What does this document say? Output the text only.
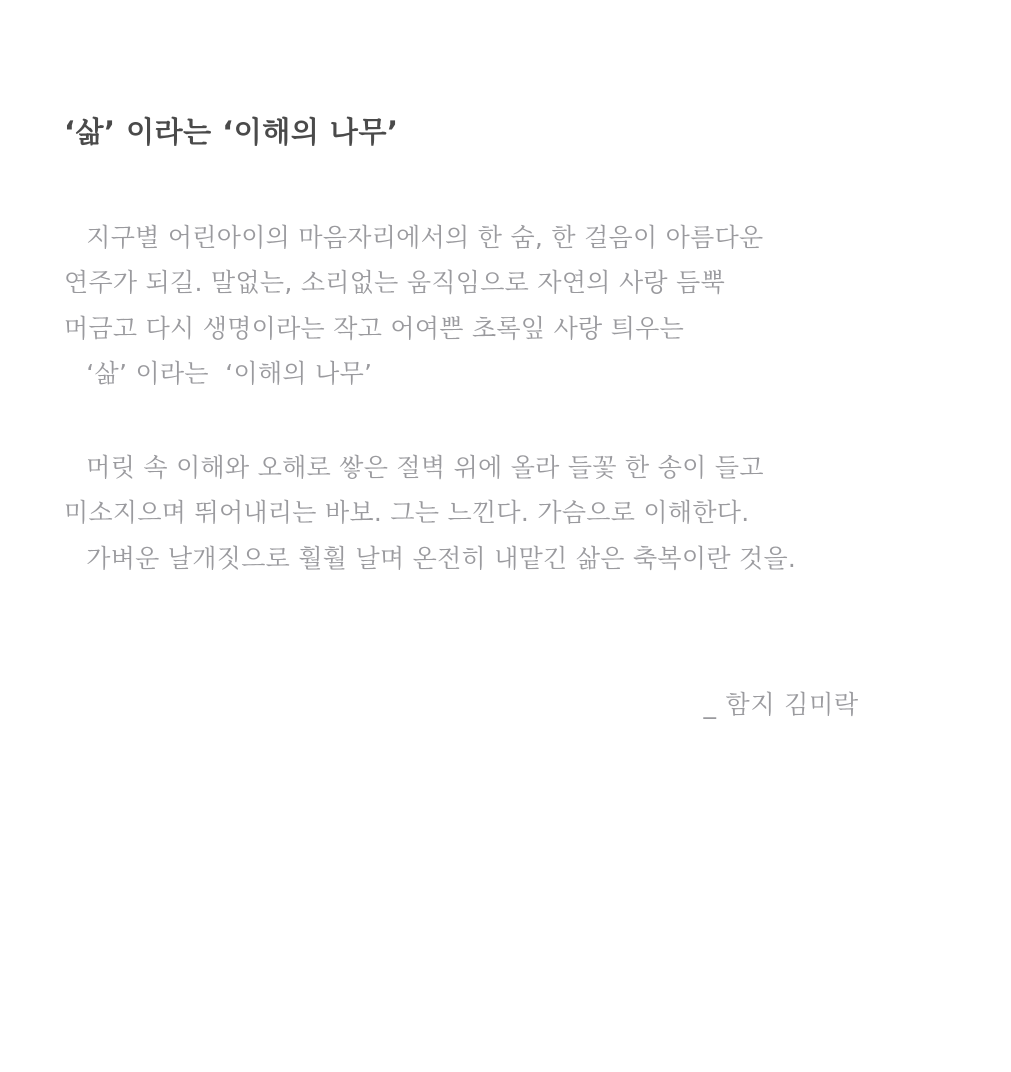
‘삶’ 이라는 ‘이해의 나무’
지구별 어린아이의 마음자리에서의 한 숨, 한 걸음이 아름다운
연주가 되길. 말없는, 소리없는 움직임으로 자연의 사랑 듬뿍
머금고 다시 생명이라는 작고 어여쁜 초록잎 사랑 틔우는
‘삶’ 이라는  ‘이해의 나무’
머릿 속 이해와 오해로 쌓은 절벽 위에 올라 들꽃 한 송이 들고
미소지으며 뛰어내리는 바보. 그는 느낀다. 가슴으로 이해한다.
가벼운 날개짓으로 훨훨 날며 온전히 내맡긴 삶은 축복이란 것을.
_ 함지 김미락
